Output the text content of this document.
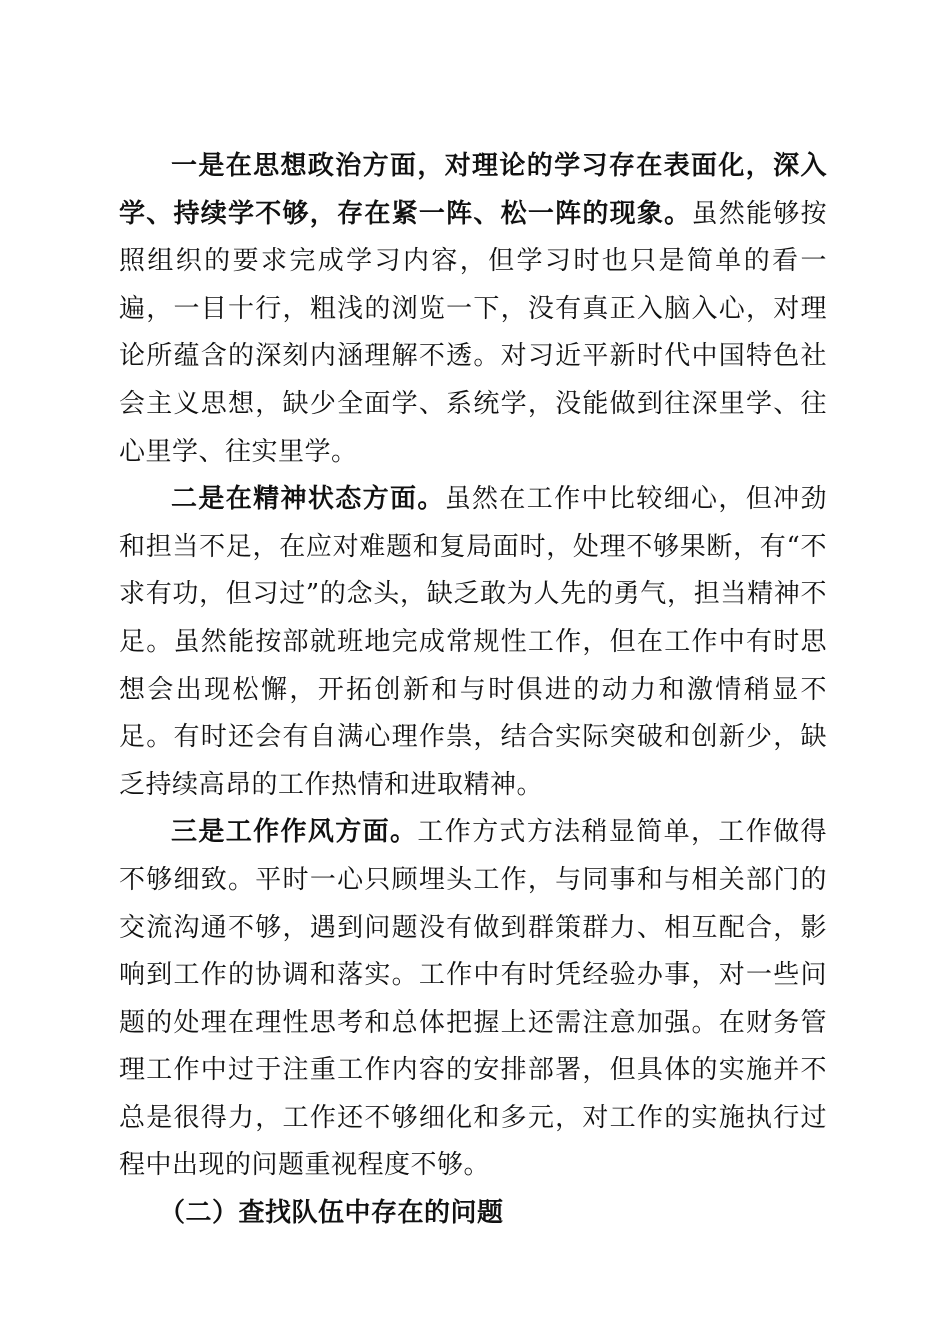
一是在思想政治方面，对理论的学习存在表面化，深入学、持续学不够，存在紧一阵、松一阵的现象。虽然能够按照组织的要求完成学习内容，但学习时也只是简单的看一遍，一目十行，粗浅的浏览一下，没有真正入脑入心，对理论所蕴含的深刻内涵理解不透。对习近平新时代中国特色社会主义思想，缺少全面学、系统学，没能做到往深里学、往心里学、往实里学。

二是在精神状态方面。虽然在工作中比较细心，但冲劲和担当不足，在应对难题和复局面时，处理不够果断，有“不求有功，但习过”的念头，缺乏敢为人先的勇气，担当精神不足。虽然能按部就班地完成常规性工作，但在工作中有时思想会出现松懈，开拓创新和与时俱进的动力和激情稍显不足。有时还会有自满心理作祟，结合实际突破和创新少，缺乏持续高昂的工作热情和进取精神。

三是工作作风方面。工作方式方法稍显简单，工作做得不够细致。平时一心只顾埋头工作，与同事和与相关部门的交流沟通不够，遇到问题没有做到群策群力、相互配合，影响到工作的协调和落实。工作中有时凭经验办事，对一些问题的处理在理性思考和总体把握上还需注意加强。在财务管理工作中过于注重工作内容的安排部署，但具体的实施并不总是很得力，工作还不够细化和多元，对工作的实施执行过程中出现的问题重视程度不够。

（二）查找队伍中存在的问题
